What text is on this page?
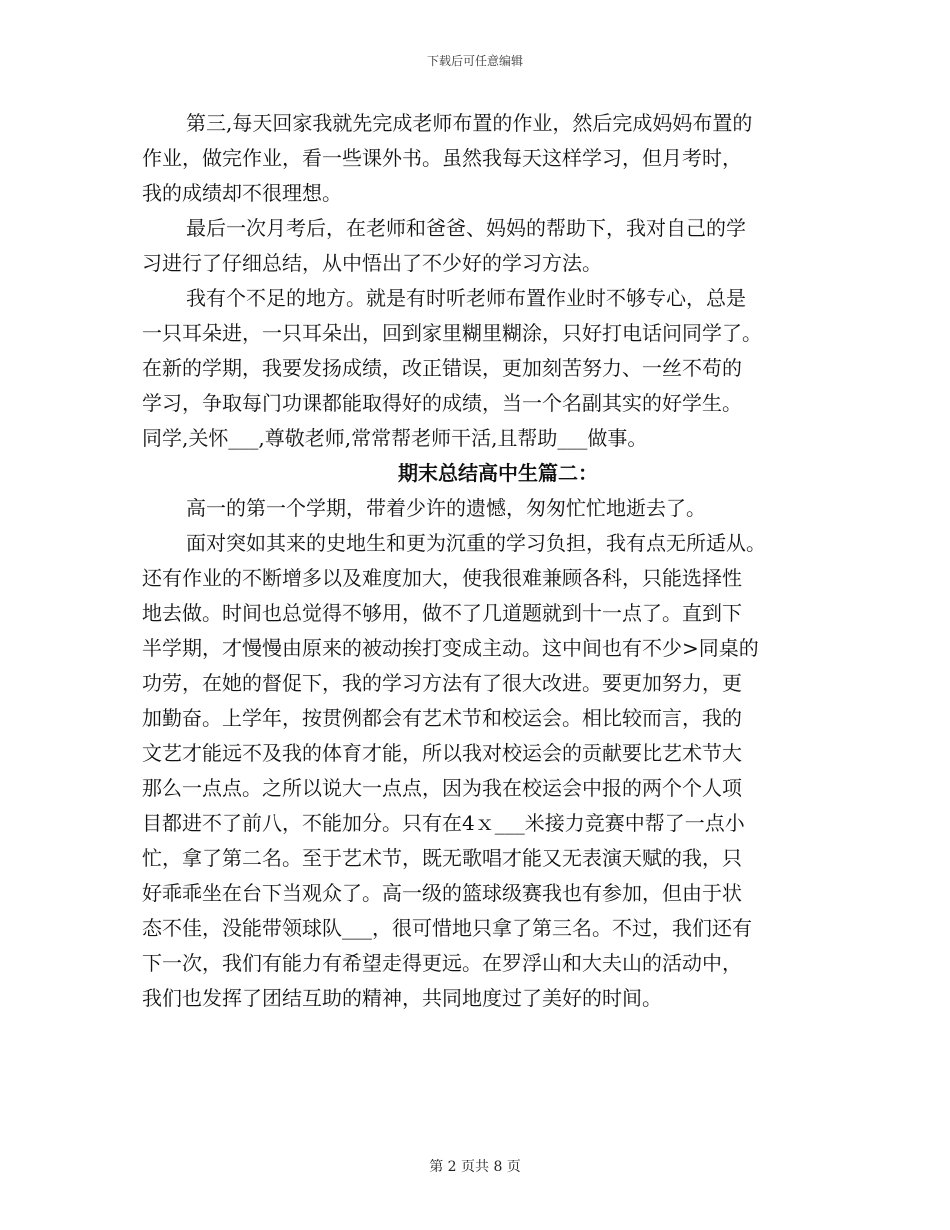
下载后可任意编辑
第三,每天回家我就先完成老师布置的作业，然后完成妈妈布置的
作业，做完作业，看一些课外书。虽然我每天这样学习，但月考时，
我的成绩却不很理想。
最后一次月考后，在老师和爸爸、妈妈的帮助下，我对自己的学
习进行了仔细总结，从中悟出了不少好的学习方法。
我有个不足的地方。就是有时听老师布置作业时不够专心，总是
一只耳朵进，一只耳朵出，回到家里糊里糊涂，只好打电话问同学了。
在新的学期，我要发扬成绩，改正错误，更加刻苦努力、一丝不苟的
学习，争取每门功课都能取得好的成绩，当一个名副其实的好学生。
同学,关怀___,尊敬老师,常常帮老师干活,且帮助___做事。
期末总结高中生篇二：
高一的第一个学期，带着少许的遗憾，匆匆忙忙地逝去了。
面对突如其来的史地生和更为沉重的学习负担，我有点无所适从。
还有作业的不断增多以及难度加大，使我很难兼顾各科，只能选择性
地去做。时间也总觉得不够用，做不了几道题就到十一点了。直到下
半学期，才慢慢由原来的被动挨打变成主动。这中间也有不少>同桌的
功劳，在她的督促下，我的学习方法有了很大改进。要更加努力，更
加勤奋。上学年，按贯例都会有艺术节和校运会。相比较而言，我的
文艺才能远不及我的体育才能，所以我对校运会的贡献要比艺术节大
那么一点点。之所以说大一点点，因为我在校运会中报的两个个人项
目都进不了前八，不能加分。只有在4ｘ___米接力竞赛中帮了一点小
忙，拿了第二名。至于艺术节，既无歌唱才能又无表演天赋的我，只
好乖乖坐在台下当观众了。高一级的篮球级赛我也有参加，但由于状
态不佳，没能带领球队___，很可惜地只拿了第三名。不过，我们还有
下一次，我们有能力有希望走得更远。在罗浮山和大夫山的活动中，
我们也发挥了团结互助的精神，共同地度过了美好的时间。
第 2 页共 8 页
